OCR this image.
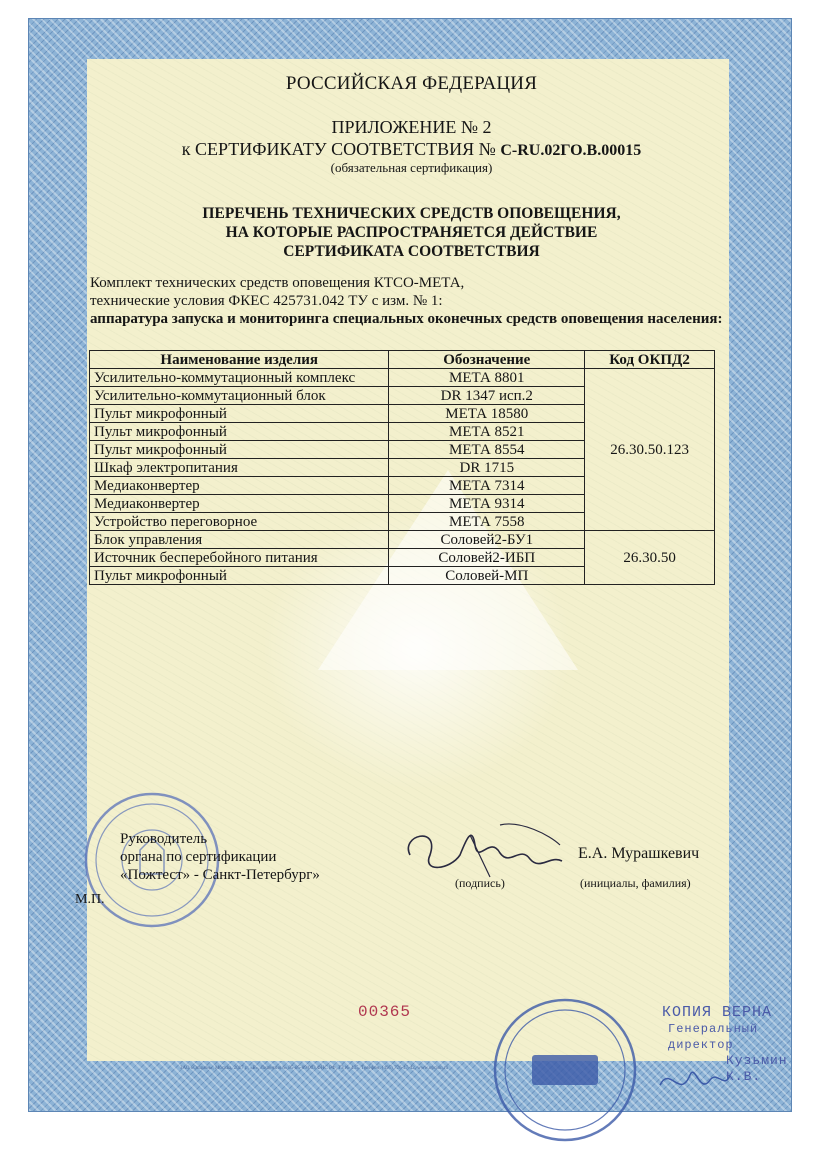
РОССИЙСКАЯ ФЕДЕРАЦИЯ
ПРИЛОЖЕНИЕ № 2
к СЕРТИФИКАТУ СООТВЕТСТВИЯ № C-RU.02ГО.В.00015
(обязательная сертификация)
ПЕРЕЧЕНЬ ТЕХНИЧЕСКИХ СРЕДСТВ ОПОВЕЩЕНИЯ,
НА КОТОРЫЕ РАСПРОСТРАНЯЕТСЯ ДЕЙСТВИЕ
СЕРТИФИКАТА СООТВЕТСТВИЯ
Комплект технических средств оповещения КТСО-МЕТА,
технические условия ФКЕС 425731.042 ТУ с изм. № 1:
аппаратура запуска и мониторинга специальных оконечных средств оповещения населения:
Наименование изделия	Обозначение	Код ОКПД2
Усилительно-коммутационный комплекс	МЕТА 8801	26.30.50.123
Усилительно-коммутационный блок	DR 1347 исп.2	
Пульт микрофонный	МЕТА 18580	
Пульт микрофонный	МЕТА 8521	
Пульт микрофонный	МЕТА 8554	
Шкаф электропитания	DR 1715	
Медиаконвертер	МЕТА 7314	
Медиаконвертер	МЕТА 9314	
Устройство переговорное	МЕТА 7558	
Блок управления	Соловей2-БУ1	26.30.50
Источник бесперебойного питания	Соловей2-ИБП	
Пульт микрофонный	Соловей-МП	
Руководитель
органа по сертификации
«Пожтест» - Санкт-Петербург»
М.П.
Е.А. Мурашкевич
(подпись)	(инициалы, фамилия)
00365	КОПИЯ ВЕРНА
Генеральный директор
Кузьмин К.В.
ЗАО «Опцион», Москва, 2017 г., «Б», Лицензия № 05-05-09/003 ФНС РФ, ТЗ № 435. Телефон: (495) 726-47-42, www.opcion.ru
